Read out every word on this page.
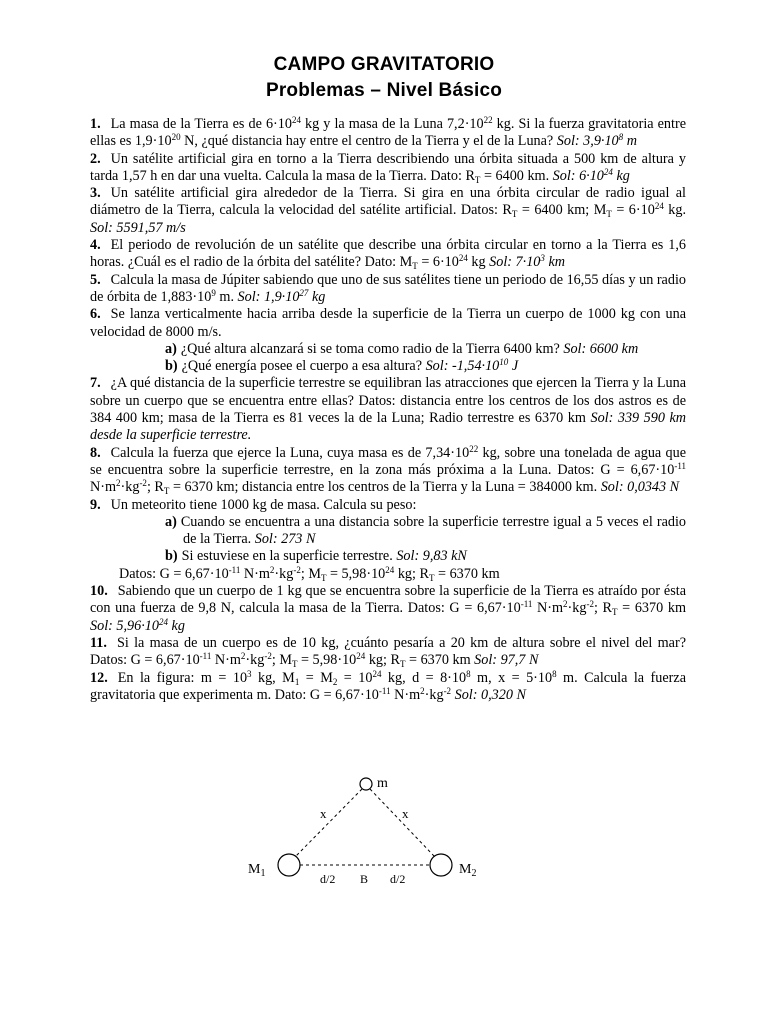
CAMPO GRAVITATORIO
Problemas – Nivel Básico

1. La masa de la Tierra es de $6\cdot 10^{24}$ kg y la masa de la Luna $7,2\cdot 10^{22}$ kg. Si la fuerza gravitatoria entre ellas es $1,9\cdot 10^{20}$ N, ¿qué distancia hay entre el centro de la Tierra y el de la Luna? Sol: $3,9\cdot 10^8$ m

2. Un satélite artificial gira en torno a la Tierra describiendo una órbita situada a 500 km de altura y tarda 1,57 h en dar una vuelta. Calcula la masa de la Tierra. Dato: $R_T = 6400$ km. Sol: $6\cdot 10^{24}$ kg

3. Un satélite artificial gira alrededor de la Tierra. Si gira en una órbita circular de radio igual al diámetro de la Tierra, calcula la velocidad del satélite artificial. Datos: $R_T = 6400$ km; $M_T = 6\cdot 10^{24}$ kg. Sol: 5591,57 m/s

4. El periodo de revolución de un satélite que describe una órbita circular en torno a la Tierra es 1,6 horas. ¿Cuál es el radio de la órbita del satélite? Dato: $M_T = 6\cdot 10^{24}$ kg Sol: $7\cdot 10^3$ km

5. Calcula la masa de Júpiter sabiendo que uno de sus satélites tiene un periodo de 16,55 días y un radio de órbita de $1,883\cdot 10^9$ m. Sol: $1,9\cdot 10^{27}$ kg

6. Se lanza verticalmente hacia arriba desde la superficie de la Tierra un cuerpo de 1000 kg con una velocidad de 8000 m/s.

a) ¿Qué altura alcanzará si se toma como radio de la Tierra 6400 km? Sol: 6600 km

b) ¿Qué energía posee el cuerpo a esa altura? Sol: $-1,54\cdot 10^{10}$ J

7. ¿A qué distancia de la superficie terrestre se equilibran las atracciones que ejercen la Tierra y la Luna sobre un cuerpo que se encuentra entre ellas? Datos: distancia entre los centros de los dos astros es de 384 400 km; masa de la Tierra es 81 veces la de la Luna; Radio terrestre es 6370 km Sol: 339 590 km desde la superficie terrestre.

8. Calcula la fuerza que ejerce la Luna, cuya masa es de $7,34\cdot 10^{22}$ kg, sobre una tonelada de agua que se encuentra sobre la superficie terrestre, en la zona más próxima a la Luna. Datos: $G = 6,67\cdot 10^{-11}$ $N\cdot m^2\cdot kg^{-2}$; $R_T = 6370$ km; distancia entre los centros de la Tierra y la Luna = 384000 km. Sol: 0,0343 N

9. Un meteorito tiene 1000 kg de masa. Calcula su peso:

a) Cuando se encuentra a una distancia sobre la superficie terrestre igual a 5 veces el radio de la Tierra. Sol: 273 N

b) Si estuviese en la superficie terrestre. Sol: 9,83 kN

Datos: $G = 6,67\cdot 10^{-11}$ $N\cdot m^2\cdot kg^{-2}$; $M_T = 5,98\cdot 10^{24}$ kg; $R_T = 6370$ km

10. Sabiendo que un cuerpo de 1 kg que se encuentra sobre la superficie de la Tierra es atraído por ésta con una fuerza de 9,8 N, calcula la masa de la Tierra. Datos: $G = 6,67\cdot 10^{-11}$ $N\cdot m^2\cdot kg^{-2}$; $R_T = 6370$ km Sol: $5,96\cdot 10^{24}$ kg

11. Si la masa de un cuerpo es de 10 kg, ¿cuánto pesaría a 20 km de altura sobre el nivel del mar? Datos: $G = 6,67\cdot 10^{-11}$ $N\cdot m^2\cdot kg^{-2}$; $M_T = 5,98\cdot 10^{24}$ kg; $R_T = 6370$ km Sol: 97,7 N

12. En la figura: $m = 10^3$ kg, $M_1 = M_2 = 10^{24}$ kg, $d = 8\cdot 10^8$ m, $x = 5\cdot 10^8$ m. Calcula la fuerza gravitatoria que experimenta m. Dato: $G = 6,67\cdot 10^{-11}$ $N\cdot m^2\cdot kg^{-2}$ Sol: 0,320 N

m
x	x
$M_1$	$M_2$
d/2 B d/2
